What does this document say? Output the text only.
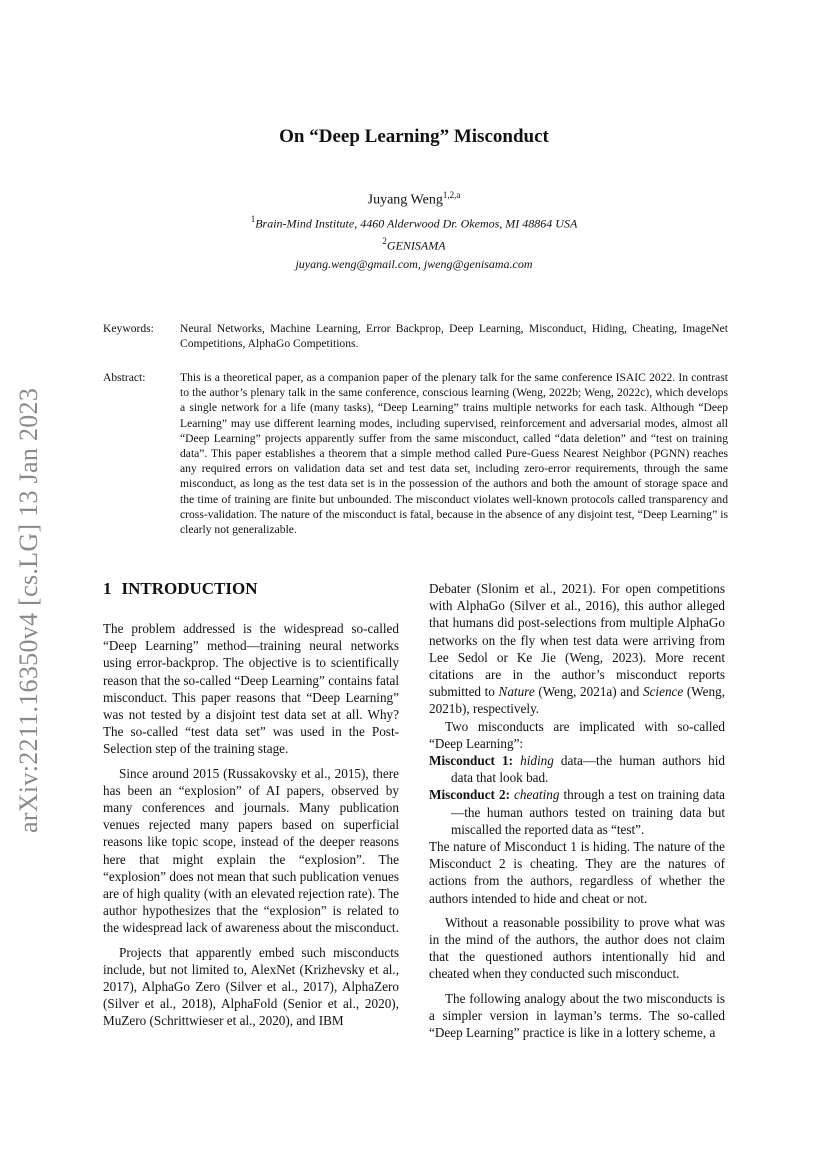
arXiv:2211.16350v4 [cs.LG] 13 Jan 2023
On “Deep Learning” Misconduct
Juyang Weng$^{1,2,a}$
$^1$Brain-Mind Institute, 4460 Alderwood Dr. Okemos, MI 48864 USA
$^2$GENISAMA
juyang.weng@gmail.com, jweng@genisama.com
Keywords: Neural Networks, Machine Learning, Error Backprop, Deep Learning, Misconduct, Hiding, Cheating, ImageNet Competitions, AlphaGo Competitions.
Abstract:	This is a theoretical paper, as a companion paper of the plenary talk for the same conference ISAIC 2022. In contrast to the author’s plenary talk in the same conference, conscious learning (Weng, 2022b; Weng, 2022c), which develops a single network for a life (many tasks), “Deep Learning” trains multiple networks for each task. Although “Deep Learning” may use different learning modes, including supervised, reinforcement and adversarial modes, almost all “Deep Learning” projects apparently suffer from the same misconduct, called “data deletion” and “test on training data”. This paper establishes a theorem that a simple method called Pure-Guess Nearest Neighbor (PGNN) reaches any required errors on validation data set and test data set, including zero-error requirements, through the same misconduct, as long as the test data set is in the possession of the authors and both the amount of storage space and the time of training are finite but unbounded. The misconduct violates well-known protocols called transparency and cross-validation. The nature of the misconduct is fatal, because in the absence of any disjoint test, “Deep Learning” is clearly not generalizable.
1 INTRODUCTION

The problem addressed is the widespread so-called “Deep Learning” method—training neural networks using error-backprop. The objective is to scientifically reason that the so-called “Deep Learning” contains fatal misconduct. This paper reasons that “Deep Learning” was not tested by a disjoint test data set at all. Why? The so-called “test data set” was used in the Post-Selection step of the training stage.

Since around 2015 (Russakovsky et al., 2015), there has been an “explosion” of AI papers, observed by many conferences and journals. Many publication venues rejected many papers based on superficial reasons like topic scope, instead of the deeper reasons here that might explain the “explosion”. The “explosion” does not mean that such publication venues are of high quality (with an elevated rejection rate). The author hypothesizes that the “explosion” is related to the widespread lack of awareness about the misconduct.

Projects that apparently embed such misconducts include, but not limited to, AlexNet (Krizhevsky et al., 2017), AlphaGo Zero (Silver et al., 2017), AlphaZero (Silver et al., 2018), AlphaFold (Senior et al., 2020), MuZero (Schrittwieser et al., 2020), and IBM

Debater (Slonim et al., 2021). For open competitions with AlphaGo (Silver et al., 2016), this author alleged that humans did post-selections from multiple AlphaGo networks on the fly when test data were arriving from Lee Sedol or Ke Jie (Weng, 2023). More recent citations are in the author’s misconduct reports submitted to Nature (Weng, 2021a) and Science (Weng, 2021b), respectively.

Two misconducts are implicated with so-called “Deep Learning”:

Misconduct 1: hiding data—the human authors hid data that look bad.

Misconduct 2: cheating through a test on training data—the human authors tested on training data but miscalled the reported data as “test”.

The nature of Misconduct 1 is hiding. The nature of the Misconduct 2 is cheating. They are the natures of actions from the authors, regardless of whether the authors intended to hide and cheat or not.

Without a reasonable possibility to prove what was in the mind of the authors, the author does not claim that the questioned authors intentionally hid and cheated when they conducted such misconduct.

The following analogy about the two misconducts is a simpler version in layman’s terms. The so-called “Deep Learning” practice is like in a lottery scheme, a
